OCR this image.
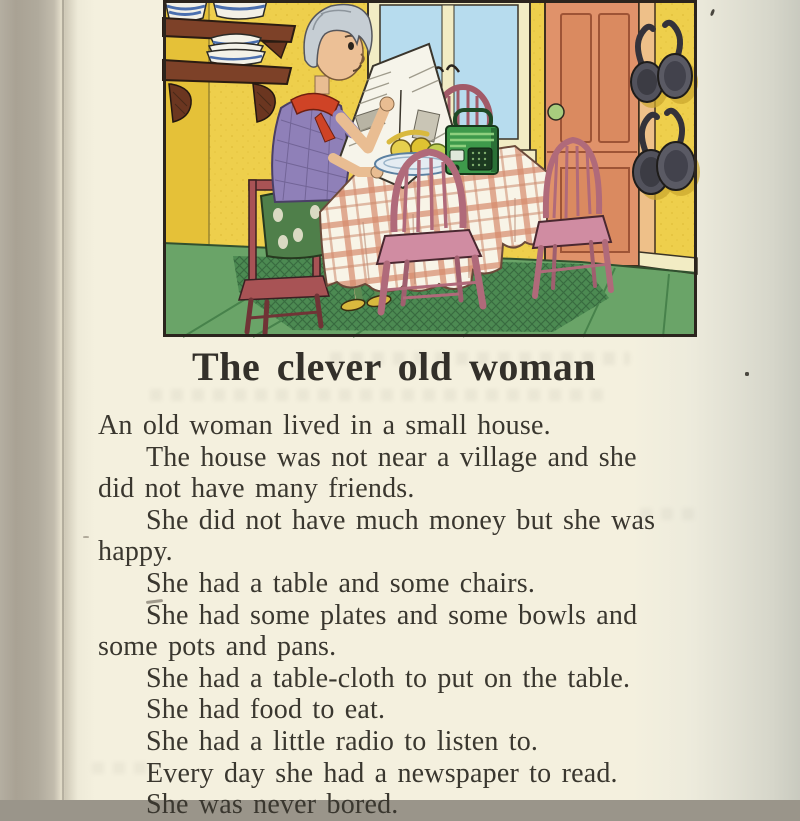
The clever old woman
An old woman lived in a small house.
The house was not near a village and she
did not have many friends.
She did not have much money but she was
happy.
She had a table and some chairs.
She had some plates and some bowls and
some pots and pans.
She had a table-cloth to put on the table.
She had food to eat.
She had a little radio to listen to.
Every day she had a newspaper to read.
She was never bored.
